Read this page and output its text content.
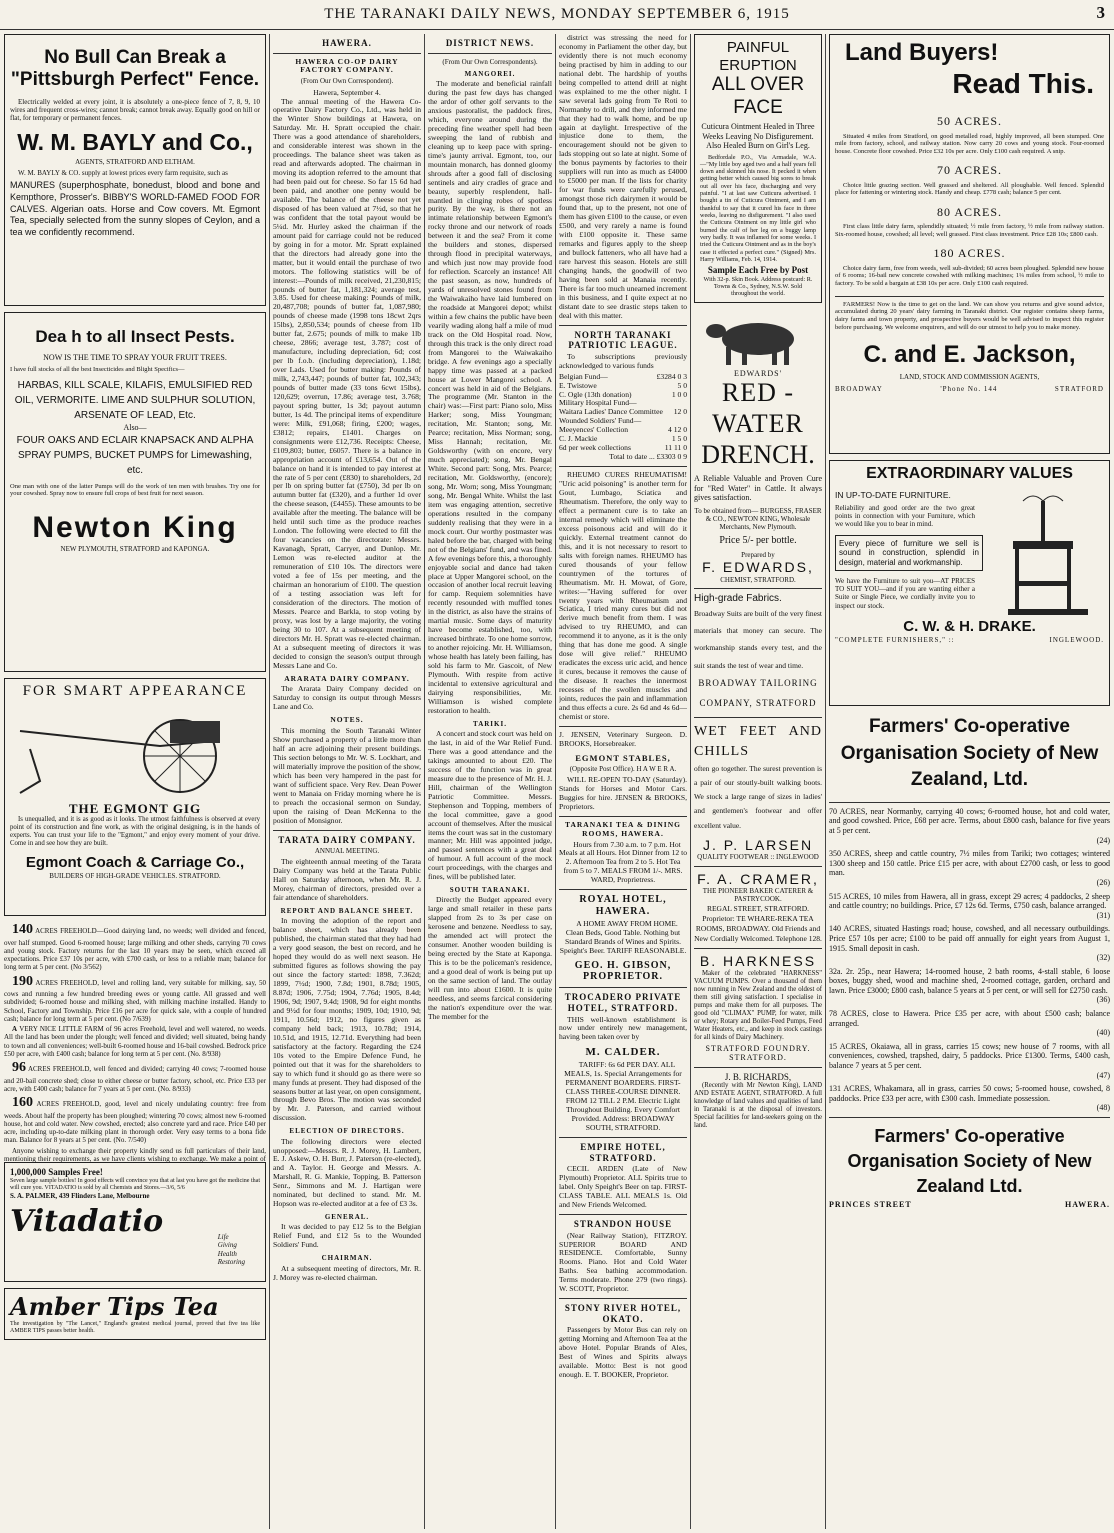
THE TARANAKI DAILY NEWS, MONDAY SEPTEMBER 6, 1915	3
No Bull Can Break a
"Pittsburgh Perfect" Fence.

Electrically welded at every joint, it is absolutely a one-piece fence of 7, 8, 9, 10 wires and frequent cross-wires; cannot break; cannot break away. Equally good on hill or flat, for temporary or permanent fences.

W. M. BAYLY and Co.,
AGENTS, STRATFORD AND ELTHAM.

W. M. BAYLY & CO. supply at lowest prices every farm requisite, such as

MANURES (superphosphate, bonedust, blood and bone and Kempthore, Prosser's. BIBBY'S WORLD-FAMED FOOD FOR CALVES. Algerian oats. Horse and Cow covers. Mt. Egmont Tea, specially selected from the sunny slopes of Ceylon, and a tea we confidently recommend.
Dea h to all Insect Pests.
NOW IS THE TIME TO SPRAY YOUR FRUIT TREES.
I have full stocks of all the best Insecticides and Blight Specifics—
HARBAS, KILL SCALE, KILAFIS, EMULSIFIED RED OIL, VERMORITE. LIME AND SULPHUR SOLUTION, ARSENATE OF LEAD, Etc.
Also—
FOUR OAKS AND ECLAIR KNAPSACK AND ALPHA SPRAY PUMPS, BUCKET PUMPS for Limewashing, etc.
One man with one of the latter Pumps will do the work of ten men with brushes. Try one for your cowshed. Spray now to ensure full crops of best fruit for next season.
Newton King
NEW PLYMOUTH, STRATFORD and KAPONGA.
FOR SMART APPEARANCE
THE EGMONT GIG

Is unequalled, and it is as good as it looks. The utmost faithfulness is observed at every point of its construction and fine work, as with the original designing, is in the hands of experts. You can trust your life to the "Egmont," and enjoy every moment of your drive. Come in and see how they are built.

Egmont Coach & Carriage Co.,
BUILDERS OF HIGH-GRADE VEHICLES. STRATFORD.

140 ACRES FREEHOLD—Good dairying land, no weeds; well divided and fenced, over half stumped. Good 6-roomed house; large milking and other sheds, carrying 70 cows and young stock. Factory returns for the last 10 years may be seen, which exceed all expectations. Price £37 10s per acre, with £700 cash, or less to a reliable man; balance for long term at 5 per cent. (No 3/562)

190 ACRES FREEHOLD, level and rolling land, very suitable for milking, say, 50 cows and running a few hundred breeding ewes or young cattle. All grassed and well subdivided; 6-roomed house and milking shed, with milking machine installed. Handy to School, Factory and Township. Price £16 per acre for quick sale, with a couple of hundred cash; balance for long term at 5 per cent. (No 7/639)

A VERY NICE LITTLE FARM of 96 acres Freehold, level and well watered, no weeds. All the land has been under the plough; well fenced and divided; well situated, being handy to town and all conveniences; well-built 6-roomed house and 16-bail cowshed. Bedrock price £50 per acre, with £400 cash; balance for long term at 5 per cent. (No. 8/938)

96 ACRES FREEHOLD, well fenced and divided; carrying 40 cows; 7-roomed house and 20-bail concrete shed; close to either cheese or butter factory, school, etc. Price £33 per acre, with £400 cash; balance for 7 years at 5 per cent. (No. 8/933)

160 ACRES FREEHOLD, good, level and nicely undulating country: free from weeds. About half the property has been ploughed; wintering 70 cows; almost new 6-roomed house, hot and cold water. New cowshed, erected; also concrete yard and race. Price £40 per acre, including up-to-date milking plant in thorough order. Very easy terms to a bona fide man. Balance for 8 years at 5 per cent. (No. 7/540)

Anyone wishing to exchange their property kindly send us full particulars of their land, mentioning their requirements, as we have clients wishing to exchange. We make a point of

1,000,000 Samples Free!
Seven large sample bottles! In good effects will convince you that at last you have got the medicine that will cure you. VITADATIO is sold by all Chemists and Stores.—3/6, 5/6
S. A. PALMER, 439 Flinders Lane, Melbourne
Vitadatio	Life
Giving
Health
Restoring
Amber Tips Tea
The investigation by "The Lancet," England's greatest medical journal, proved that five tea like AMBER TIPS passes better health.
HAWERA.
HAWERA CO-OP DAIRY FACTORY COMPANY.
(From Our Own Correspondent).
Hawera, September 4.

The annual meeting of the Hawera Co-operative Dairy Factory Co., Ltd., was held in the Winter Show buildings at Hawera, on Saturday. Mr. H. Spratt occupied the chair. There was a good attendance of shareholders, and considerable interest was shown in the proceedings. The balance sheet was taken as read and afterwards adopted. The chairman in moving its adoption referred to the amount that had been paid out for cheese. So far 15 6d had been paid, and another one penny would be available. The balance of the cheese not yet disposed of has been valued at 7½d, so that he was confident that the total payout would be 5¼d. Mr. Hurley asked the chairman if the amount paid for carriage could not be reduced by going in for a motor. Mr. Spratt explained that the directors had already gone into the matter, but it would entail the purchase of two motors. The following statistics will be of interest:—Pounds of milk received, 21,230,815; pounds of butter fat, 1,181,324; average test, 3.85. Used for cheese making: Pounds of milk, 20,487,708; pounds of butter fat, 1,087,980; pounds of cheese made (1998 tons 18cwt 2qrs 15lbs), 2,850,534; pounds of cheese from 1lb butter fat, 2.675; pounds of milk to make 1lb cheese, 2866; average test, 3.787; cost of manufacture, including depreciation, 6d; cost per lb f.o.b. (including depreciation), 1.18d; over Lads. Used for butter making: Pounds of milk, 2,743,447; pounds of butter fat, 102,343; pounds of butter made (33 tons 6cwt 15lbs), 120,629; overrun, 17.86; average test, 3.768; payout spring butter, 1s 3d; payout autumn butter, 1s 4d. The principal items of expenditure were: Milk, £91,068; firing, £200; wages, £3812; repairs, £1401. Charges on consignments were £12,736. Receipts: Cheese, £109,803; butter, £6057. There is a balance in appropriation account of £13,654. Out of the balance on hand it is intended to pay interest at the rate of 5 per cent (£830) to shareholders, 2d per lb on spring butter fat (£750), 3d per lb on autumn butter fat (£320), and a further 1d over the cheese season, (£4455). These amounts to be available after the meeting. The balance will be held until such time as the produce reaches London. The following were elected to fill the four vacancies on the directorate: Messrs. Kavanagh, Spratt, Carryer, and Dunlop. Mr. Lemon was re-elected auditor at the remuneration of £10 10s. The directors were voted a fee of 15s per meeting, and the chairman an honorarium of £100. The question of a testing association was left for consideration of the directors. The motion of Messrs. Pearce and Barkla, to stop voting by proxy, was lost by a large majority, the voting being 30 to 107. At a subsequent meeting of directors Mr. H. Spratt was re-elected chairman. At a subsequent meeting of directors it was decided to consign the season's output through Messrs Lane and Co.

ARARATA DAIRY COMPANY.

The Ararata Dairy Company decided on Saturday to consign its output through Messrs Lane and Co.

NOTES.

This morning the South Taranaki Winter Show purchased a property of a little more than half an acre adjoining their present buildings. This section belongs to Mr. W. S. Lockhart, and will materially improve the position of the show, which has been very hampered in the past for want of sufficient space. Very Rev. Dean Power went to Manaia on Friday morning where he is to preach the occasional sermon on Sunday, upon the raising of Dean McKenna to the position of Monsignor.

TARATA DAIRY COMPANY.
ANNUAL MEETING.

The eighteenth annual meeting of the Tarata Dairy Company was held at the Tarata Public Hall on Saturday afternoon, when Mr. R. J. Morey, chairman of directors, presided over a fair attendance of shareholders.

REPORT AND BALANCE SHEET.

In moving the adoption of the report and balance sheet, which has already been published, the chairman stated that they had had a very good season, the best on record, and he hoped they would do as well next season. He submitted figures as follows showing the pay out since the factory started: 1898, 7.362d; 1899, 7½d; 1900, 7.8d; 1901, 8.78d; 1905, 8.87d; 1906, 7.75d; 1904, 7.76d; 1905, 8.4d; 1906, 9d; 1907, 9.4d; 1908, 9d for eight months and 9½d for four months; 1909, 10d; 1910, 9d; 1911, 10.56d; 1912, no figures given as company held back; 1913, 10.78d; 1914, 10.51d, and 1915, 12.71d. Everything had been satisfactory at the factory. Regarding the £24 10s voted to the Empire Defence Fund, he pointed out that it was for the shareholders to say to which fund it should go as there were so many funds at present. They had disposed of the seasons butter at last year, on open consignment, through Bevo Bros. The motion was seconded by Mr. J. Paterson, and carried without discussion.

ELECTION OF DIRECTORS.

The following directors were elected unopposed:—Messrs. R. J. Morey, H. Lambert, E. J. Askew, O. H. Burr, J. Paterson (re-elected), and A. Taylor. H. George and Messrs. A. Marshall, R. G. Mankie, Topping, B. Patterson Senr., Simmons and M. J. Hartigan were nominated, but declined to stand. Mr. M. Hopson was re-elected auditor at a fee of £3 3s.

GENERAL.

It was decided to pay £12 5s to the Belgian Relief Fund, and £12 5s to the Wounded Soldiers' Fund.

CHAIRMAN.

At a subsequent meeting of directors, Mr. R. J. Morey was re-elected chairman.

DISTRICT NEWS.
(From Our Own Correspondents).
MANGOREI.

The moderate and beneficial rainfall during the past few days has changed the ardor of other golf servants to the anxious pastoralist, the paddock fires, which, everyone around during the preceding fine weather spell had been sweeping the land of rubbish and cleaning up to keep pace with spring-time's jaunty arrival. Egmont, too, our mountain monarch, has donned gloomy shrouds after a good fall of disclosing sentinels and airy cradles of grace and beauty, superbly resplendent, hall-mantled in clinging robes of spotless purity. By the way, is there not an intimate relationship between Egmont's rocky throne and our network of roads between it and the sea? From it come the builders and stones, dispersed through flood in precipital waterways, and which just now may provide food for reflection. Scarcely an instance! All the past season, as now, hundreds of yards of unresolved stones found from the Waiwakaiho have laid lumbered on the roadside at Mangorei depot; whilst within a few chains the public have been vearily wading along half a mile of mud track on the Old Hospital road. Now, through this track is the only direct road from Mangorei to the Waiwakaiho bridge. A few evenings ago a specially happy time was passed at a packed house at Lower Mangorei school. A concert was held in aid of the Belgians. The programme (Mr. Stanton in the chair) was:—First part: Piano solo, Miss Harker; song, Miss Youngman; recitation, Mr. Stanton; song, Mr. Pearce; recitation, Miss Norman; song, Miss Hannah; recitation, Mr. Goldsworthy (with on encore, very much appreciated); song, Mr. Bengal White. Second part: Song, Mrs. Pearce; recitation, Mr. Goldsworthy, (encore); song, Mr. Worn; song, Miss Youngman; song, Mr. Bengal White. Whilst the last item was engaging attention, secretive operations resulted in the company suddenly realising that they were in a mock court. Our worthy postmaster was haled before the bar, charged with being not of the Belgians' fund, and was fined. A few evenings before this, a thoroughly enjoyable social and dance had taken place at Upper Mangorei school, on the occasion of another local recruit leaving for camp. Requiem solemnities have recently resounded with muffled tones in the district, as also have the strains of martial music. Some days of maturity have become established, too, with increased birthrate. To one home sorrow, to another rejoicing. Mr. H. Williamson, whose health has lately been failing, has sold his farm to Mr. Gascoit, of New Plymouth. With respite from active incidental to extensive agricultural and dairying responsibilities, Mr. Williamson is wished complete restoration to health.

TARIKI.

A concert and stock court was held on the last, in aid of the War Relief Fund. There was a good attendance and the takings amounted to about £20. The success of the function was in great measure due to the presence of Mr. H. J. Hill, chairman of the Wellington Patriotic Committee. Messrs. Stephenson and Topping, members of the local committee, gave a good account of themselves. After the musical items the court was sat in the customary manner; Mr. Hill was appointed judge, and passed sentences with a great deal of humour. A full account of the mock court proceedings, with the charges and fines, will be published later.

SOUTH TARANAKI.

Directly the Budget appeared every large and small retailer in these parts slapped from 2s to 3s per case on kerosene and benzene. Needless to say, the amended act will protect the consumer. Another wooden building is being erected by the State at Kaponga. This is to be the policeman's residence, and a good deal of work is being put up on the same section of land. The outlay will run into about £1600. It is quite needless, and seems farcical considering the nation's expenditure over the war. The member for the

district was stressing the need for economy in Parliament the other day, but evidently there is not much economy being practised by him in adding to our national debt. The hardship of youths being compelled to attend drill at night was explained to me the other night. I saw several lads going from Te Roti to Normanby to drill, and they informed me that they had to walk home, and be up again at daylight. Irrespective of the injustice done to them, the encouragement should not be given to lads stopping out so late at night. Some of the bonus payments by factories to their suppliers will run into as much as £4000 to £5000 per man. If the lists for charity for war funds were carefully perused, amongst those rich dairymen it would be found that, up to the present, not one of them has given £100 to the cause, or even £500, and very rarely a name is found with £100 opposite it. These same remarks and figures apply to the sheep and bullock fatteners, who all have had a rare harvest this season. Hotels are still changing hands, the goodwill of two having been sold at Manaia recently. There is far too much unearned increment in this business, and I quite expect at no distant date to see drastic steps taken to deal with this matter.

NORTH TARANAKI PATRIOTIC LEAGUE.

To subscriptions previously acknowledged to various funds

Belgian Fund—	£3284 0 3
E. Twistowe	5 0
C. Ogle (13th donation)	1 0 0
Military Hospital Fund—
Waitara Ladies' Dance Committee 12 0
Wounded Soldiers' Fund—
Meeyences' Collection	4 12 0
C. J. Mackie	1 5 0
6d per week collections	11 11 0
Total to date ... £3303 0 9

RHEUMO CURES RHEUMATISM! "Uric acid poisoning" is another term for Gout, Lumbago, Sciatica and Rheumatism. Therefore, the only way to effect a permanent cure is to take an internal remedy which will eliminate the excess poisonous acid and will do it quickly. External treatment cannot do this, and it is not necessary to resort to salts with foreign names. RHEUMO has cured thousands of your fellow countrymen of the tortures of Rheumatism. Mr. H. Mowat, of Gore, writes:—"Having suffered for over twenty years with Rheumatism and Sciatica, I tried many cures but did not derive much benefit from them. I was advised to try RHEUMO, and can recommend it to anyone, as it is the only thing that has done me good. A single dose will give relief." RHEUMO eradicates the excess uric acid, and hence it cures, because it removes the cause of the disease. It reaches the innermost recesses of the swollen muscles and joints, reduces the pain and inflammation and thus effects a cure. 2s 6d and 4s 6d—chemist or store.

J. JENSEN, Veterinary Surgeon. D. BROOKS, Horsebreaker.
EGMONT STABLES,
(Opposite Post Office). H A W E R A.

WILL RE-OPEN TO-DAY (Saturday). Stands for Horses and Motor Cars. Buggies for hire. JENSEN & BROOKS, Proprietors.

TARANAKI TEA & DINING ROOMS, HAWERA.

Hours from 7.30 a.m. to 7 p.m. Hot Meals at all Hours. Hot Dinner from 12 to 2. Afternoon Tea from 2 to 5. Hot Tea from 5 to 7. MEALS FROM 1/-. MRS. WARD, Proprietress.

ROYAL HOTEL, HAWERA.

A HOME AWAY FROM HOME. Clean Beds, Good Table. Nothing but Standard Brands of Wines and Spirits. Speight's Beer. TARIFF REASONABLE.

GEO. H. GIBSON, PROPRIETOR.
TROCADERO PRIVATE HOTEL, STRATFORD.

THIS well-known establishment is now under entirely new management, having been taken over by

M. CALDER.

TARIFF: 6s 6d PER DAY. ALL MEALS, 1s. Special Arrangements for PERMANENT BOARDERS. FIRST-CLASS THREE-COURSE DINNER. FROM 12 TILL 2 P.M. Electric Light Throughout Building. Every Comfort Provided. Address: BROADWAY SOUTH, STRATFORD.

EMPIRE HOTEL, STRATFORD.

CECIL ARDEN (Late of New Plymouth) Proprietor. ALL Spirits true to label. Only Speight's Beer on tap. FIRST-CLASS TABLE. ALL MEALS 1s. Old and New Friends Welcomed.

STRANDON HOUSE

(Near Railway Station), FITZROY. SUPERIOR BOARD AND RESIDENCE. Comfortable, Sunny Rooms. Piano. Hot and Cold Water Baths. Sea bathing accommodation. Terms moderate. Phone 279 (two rings). W. SCOTT, Proprietor.

STONY RIVER HOTEL, OKATO.

Passengers by Motor Bus can rely on getting Morning and Afternoon Tea at the above Hotel. Popular Brands of Ales, Best of Wines and Spirits always available. Motto: Best is not good enough. E. T. BOOKER, Proprietor.

PAINFUL ERUPTION
ALL OVER FACE
Cuticura Ointment Healed in Three Weeks Leaving No Disfigurement. Also Healed Burn on Girl's Leg.

Bedfordale P.O., Via Armadale, W.A.—"My little boy aged two and a half years fell down and skinned his nose. It pecked it when getting better which caused big sores to break out all over his face, discharging and very painful. "I at last saw Cuticura advertised. I bought a tin of Cuticura Ointment, and I am thankful to say that it cured his face in three weeks, leaving no disfigurement. "I also used the Cuticura Ointment on my little girl who burned the calf of her leg on a buggy lamp very badly. It was inflamed for some weeks. I tried the Cuticura Ointment and as in the boy's case it effected a perfect cure." (Signed) Mrs. Harry Williams, Feb. 14, 1914.

Sample Each Free by Post
With 32-p. Skin Book. Address postcard: R. Towns & Co., Sydney, N.S.W. Sold throughout the world.
EDWARDS'
RED - WATER
DRENCH.
A Reliable Valuable and Proven Cure for "Red Water" in Cattle. It always gives satisfaction.
To be obtained from— BURGESS, FRASER & CO., NEWTON KING, Wholesale Merchants, New Plymouth.
Price 5/- per bottle.
Prepared by
F. EDWARDS,
CHEMIST, STRATFORD.
High-grade Fabrics.
Broadway Suits are built of the very finest materials that money can secure. The workmanship stands every test, and the suit stands the test of wear and time.
BROADWAY TAILORING COMPANY, STRATFORD
WET FEET AND CHILLS
often go together. The surest prevention is a pair of our stoutly-built walking boots. We stock a large range of sizes in ladies' and gentlemen's footwear and offer excellent value.
J. P. LARSEN
QUALITY FOOTWEAR :: INGLEWOOD
F. A. CRAMER,
THE PIONEER BAKER CATERER & PASTRYCOOK.
REGAL STREET, STRATFORD. Proprietor: TE WHARE-REKA TEA ROOMS, BROADWAY. Old Friends and New Cordially Welcomed. Telephone 128.
B. HARKNESS

Maker of the celebrated "HARKNESS" VACUUM PUMPS. Over a thousand of them now running in New Zealand and the oldest of them still giving satisfaction. I specialise in pumps and make them for all purposes. The good old "CLIMAX" PUMP, for water, milk or whey; Rotary and Boiler-Feed Pumps, Feed Water Heaters, etc., and keep in stock castings for all kinds of Dairy Machinery.

STRATFORD FOUNDRY. STRATFORD.
J. B. RICHARDS,

(Recently with Mr Newton King), LAND AND ESTATE AGENT, STRATFORD. A full knowledge of land values and qualities of land in Taranaki is at the disposal of investors. Special facilities for land-seekers going on the land.

Land Buyers!
Read This.
50 ACRES.

Situated 4 miles from Stratford, on good metalled road, highly improved, all been stumped. One mile from factory, school, and railway station. Now carry 20 cows and young stock. Four-roomed house. Concrete floor cowshed. Price £32 10s per acre. Only £100 cash required. A snip.

70 ACRES.

Choice little grazing section. Well grassed and sheltered. All ploughable. Well fenced. Splendid place for fattening or wintering stock. Handy and cheap. £778 cash; balance 5 per cent.

80 ACRES.

First class little dairy farm, splendidly situated; ½ mile from factory, ½ mile from railway station. Six-roomed house, cowshed; all level; well grassed. First class investment. Price £28 10s; £800 cash.

180 ACRES.

Choice dairy farm, free from weeds, well sub-divided; 60 acres been ploughed. Splendid new house of 6 rooms; 16-bail new concrete cowshed with milking machines; 1¼ miles from school, ½ mile to factory. To be sold a bargain at £38 10s per acre. Only £100 cash required.

FARMERS! Now is the time to get on the land. We can show you returns and give sound advice, accumulated during 20 years' dairy farming in Taranaki district. Our register contains sheep farms, dairy farms and town property, and prospective buyers would be well advised to inspect this register before purchasing. We welcome enquirers, and will do our utmost to help you to make money.

C. and E. Jackson,
LAND, STOCK AND COMMISSION AGENTS,
BROADWAY	'Phone No. 144	STRATFORD
EXTRAORDINARY VALUES
IN UP-TO-DATE FURNITURE.
Reliability and good order are the two great points in connection with your Furniture, which we would like you to bear in mind.
Every piece of furniture we sell is sound in construction, splendid in design, material and workmanship.
We have the Furniture to suit you—AT PRICES TO SUIT YOU—and if you are wanting either a Suite or Single Piece, we cordially invite you to inspect our stock.
C. W. & H. DRAKE.
"COMPLETE FURNISHERS," ::	INGLEWOOD.
Farmers' Co-operative Organisation Society of New Zealand, Ltd.
70 ACRES, near Normanby, carrying 40 cows; 6-roomed house, hot and cold water, and good cowshed. Price, £68 per acre. Terms, about £800 cash, balance for five years at 5 per cent.
(24)
350 ACRES, sheep and cattle country, 7½ miles from Tariki; two cottages; wintered 1300 sheep and 150 cattle. Price £15 per acre, with about £2700 cash, or less to good man.
(26)
515 ACRES, 10 miles from Hawera, all in grass, except 29 acres; 4 paddocks, 2 sheep and cattle country; no buildings. Price, £7 12s 6d. Terms, £750 cash, balance arranged.
(31)
140 ACRES, situated Hastings road; house, cowshed, and all necessary outbuildings. Price £57 10s per acre; £100 to be paid off annually for eight years from August 1, 1915. Small deposit in cash.
(32)
32a. 2r. 25p., near Hawera; 14-roomed house, 2 bath rooms, 4-stall stable, 6 loose boxes, buggy shed, wood and machine shed, 2-roomed cottage, garden, orchard and lawn. Price £3000; £800 cash, balance 5 years at 5 per cent, or will sell for £2750 cash.
(36)
78 ACRES, close to Hawera. Price £35 per acre, with about £500 cash; balance arranged.
(40)
15 ACRES, Okaiawa, all in grass, carries 15 cows; new house of 7 rooms, with all conveniences, cowshed, trapshed, dairy, 5 paddocks. Price £1300. Terms, £400 cash, balance 7 years at 5 per cent.
(47)
131 ACRES, Whakamara, all in grass, carries 50 cows; 5-roomed house, cowshed, 8 paddocks. Price £33 per acre, with £300 cash. Immediate possession.
(48)
Farmers' Co-operative Organisation Society of New Zealand Ltd.
PRINCES STREET	HAWERA.
